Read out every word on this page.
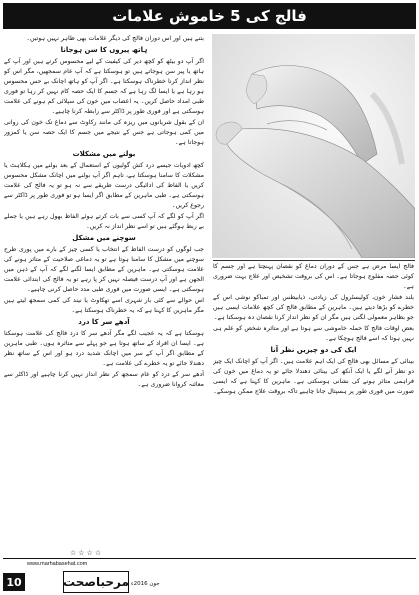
فالج کی 5 خاموش علامات

بتنے ہیں اور اس دوران فالج کی دیگر علامات بھی ظاہر نہیں ہوتیں۔

ہاتھ پیروں کا سن ہوجانا

اگر آپ دو بیٹھ کو کچھ دیر کی کیفیت کے لیے محسوس کرتے ہیں اور آپ کے ہاتھ یا پیر سن ہوجاتے ہیں تو ہوسکتا ہے کہ آپ عام سمجھیں، مگر اس کو نظر انداز کرنا خطرناک ہوسکتا ہے۔ اگر آپ کو ہاتھ اچانک بے حس محسوس ہو رہا ہے یا ایسا لگ رہا ہے کہ جسم کا ایک حصہ کام نہیں کر رہا تو فوری طبی امداد حاصل کریں۔ یہ اعصاب میں خون کی سپلائی کم ہونے کی علامت ہوسکتی ہے اور فوری طور پر ڈاکٹر سے رابطہ کرنا چاہیے۔

ان کے بقول شریانوں میں ریزہ کی مانند رکاوٹ سے دماغ تک خون کی روانی میں کمی ہوجاتی ہے جس کے نتیجے میں جسم کا ایک حصہ سن یا کمزور ہوجاتا ہے۔

بولنے میں مشکلات

کچھ ادویات جیسے درد کش گولیوں کے استعمال کے بعد بولنے میں ہکلاہٹ یا مشکلات کا سامنا ہوسکتا ہے، تاہم اگر آپ بولنے میں اچانک مشکل محسوس کریں یا الفاظ کی ادائیگی درست طریقے سے نہ ہو تو یہ فالج کی علامت ہوسکتی ہے۔ طبی ماہرین کے مطابق اگر ایسا ہو تو فوری طور پر ڈاکٹر سے رجوع کریں۔

اگر آپ کو لگے کہ آپ کسی سے بات کرتے ہوئے الفاظ بھول رہے ہیں یا جملے بے ربط ہوگئے ہیں تو اسے نظر انداز نہ کریں۔

سوچنے میں مشکل

جب لوگوں کو درست الفاظ کے انتخاب یا کسی چیز کے بارے میں پوری طرح سوچنے میں مشکل کا سامنا ہوتا ہے تو یہ دماغی صلاحیت کے متاثر ہونے کی علامت ہوسکتی ہے۔ ماہرین کے مطابق ایسا لگنے لگے کہ آپ کے ذہن میں الجھن ہے اور آپ درست فیصلہ نہیں کر پا رہے تو یہ فالج کی ابتدائی علامت ہوسکتی ہے۔ ایسی صورت میں فوری طبی مدد حاصل کرنی چاہیے۔

اس حوالے سے کئی بار شہری اسے تھکاوٹ یا نیند کی کمی سمجھ لیتے ہیں مگر ماہرین کا کہنا ہے کہ یہ خطرناک ہوسکتا ہے۔

آدھے سر کا درد

ہوسکتا ہے کہ یہ عجیب لگے مگر آدھے سر کا درد فالج کی علامت ہوسکتا ہے۔ ایسا ان افراد کے ساتھ ہوتا ہے جو پہلے سے متاثرہ ہوں۔ طبی ماہرین کے مطابق اگر آپ کے سر میں اچانک شدید درد ہو اور اس کے ساتھ نظر دھندلا جائے تو یہ خطرے کی علامت ہے۔

آدھے سر کے درد کو عام سمجھ کر نظر انداز نہیں کرنا چاہیے اور ڈاکٹر سے معائنہ کروانا ضروری ہے۔

فالج ایسا مرض ہے جس کے دوران دماغ کو نقصان پہنچتا ہے اور جسم کا کوئی حصہ مفلوج ہوجاتا ہے۔ اس کی بروقت تشخیص اور علاج بہت ضروری ہے۔

بلند فشار خون، کولیسٹرول کی زیادتی، ذیابیطس اور تمباکو نوشی اس کے خطرے کو بڑھا دیتے ہیں۔ ماہرین کے مطابق فالج کی کچھ علامات ایسی ہیں جو بظاہر معمولی لگتی ہیں مگر ان کو نظر انداز کرنا نقصان دہ ہوسکتا ہے۔

بعض اوقات فالج کا حملہ خاموشی سے ہوتا ہے اور متاثرہ شخص کو علم ہی نہیں ہوتا کہ اسے فالج ہوچکا ہے۔

ایک کی دو چیزیں نظر آنا

بینائی کے مسائل بھی فالج کی ایک اہم علامت ہیں۔ اگر آپ کو اچانک ایک چیز دو نظر آنے لگے یا ایک آنکھ کی بینائی دھندلا جائے تو یہ دماغ میں خون کی فراہمی متاثر ہونے کی نشانی ہوسکتی ہے۔ ماہرین کا کہنا ہے کہ ایسی صورت میں فوری طور پر ہسپتال جانا چاہیے تاکہ بروقت علاج ممکن ہوسکے۔

☆☆☆☆
10
www.marhabasehat.com
مرحباصحت جون 2016ء
